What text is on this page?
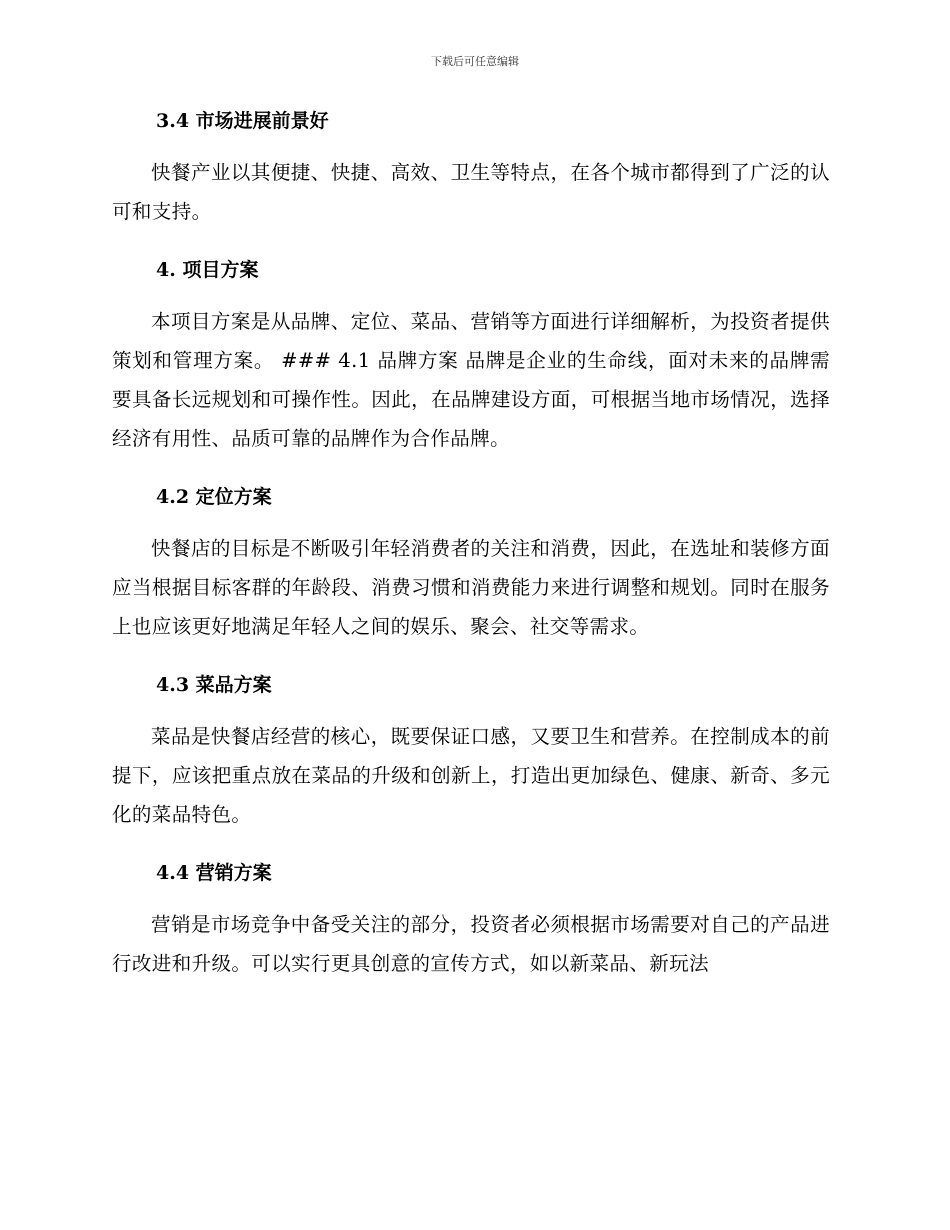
下载后可任意编辑
3.4 市场进展前景好

快餐产业以其便捷、快捷、高效、卫生等特点，在各个城市都得到了广泛的认可和支持。

4. 项目方案

本项目方案是从品牌、定位、菜品、营销等方面进行详细解析，为投资者提供策划和管理方案。 ### 4.1 品牌方案 品牌是企业的生命线，面对未来的品牌需要具备长远规划和可操作性。因此，在品牌建设方面，可根据当地市场情况，选择经济有用性、品质可靠的品牌作为合作品牌。

4.2 定位方案

快餐店的目标是不断吸引年轻消费者的关注和消费，因此，在选址和装修方面应当根据目标客群的年龄段、消费习惯和消费能力来进行调整和规划。同时在服务上也应该更好地满足年轻人之间的娱乐、聚会、社交等需求。

4.3 菜品方案

菜品是快餐店经营的核心，既要保证口感，又要卫生和营养。在控制成本的前提下，应该把重点放在菜品的升级和创新上，打造出更加绿色、健康、新奇、多元化的菜品特色。

4.4 营销方案

营销是市场竞争中备受关注的部分，投资者必须根据市场需要对自己的产品进行改进和升级。可以实行更具创意的宣传方式，如以新菜品、新玩法
